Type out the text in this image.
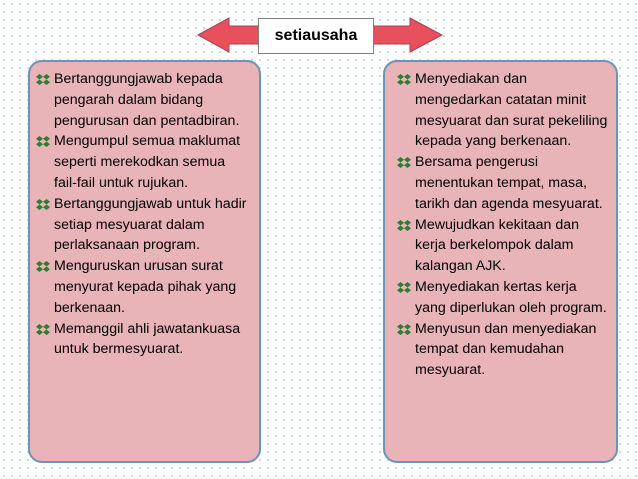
setiausaha
Bertanggungjawab kepada pengarah dalam bidang pengurusan dan pentadbiran.
Mengumpul semua maklumat seperti merekodkan semua fail-fail untuk rujukan.
Bertanggungjawab untuk hadir setiap mesyuarat dalam perlaksanaan program.
Menguruskan urusan surat menyurat kepada pihak yang berkenaan.
Memanggil ahli jawatankuasa untuk bermesyuarat.
Menyediakan dan mengedarkan catatan minit mesyuarat dan surat pekeliling kepada yang berkenaan.
Bersama pengerusi menentukan tempat, masa, tarikh dan agenda mesyuarat.
Mewujudkan kekitaan dan kerja berkelompok dalam kalangan AJK.
Menyediakan kertas kerja yang diperlukan oleh program.
Menyusun dan menyediakan tempat dan kemudahan mesyuarat.
